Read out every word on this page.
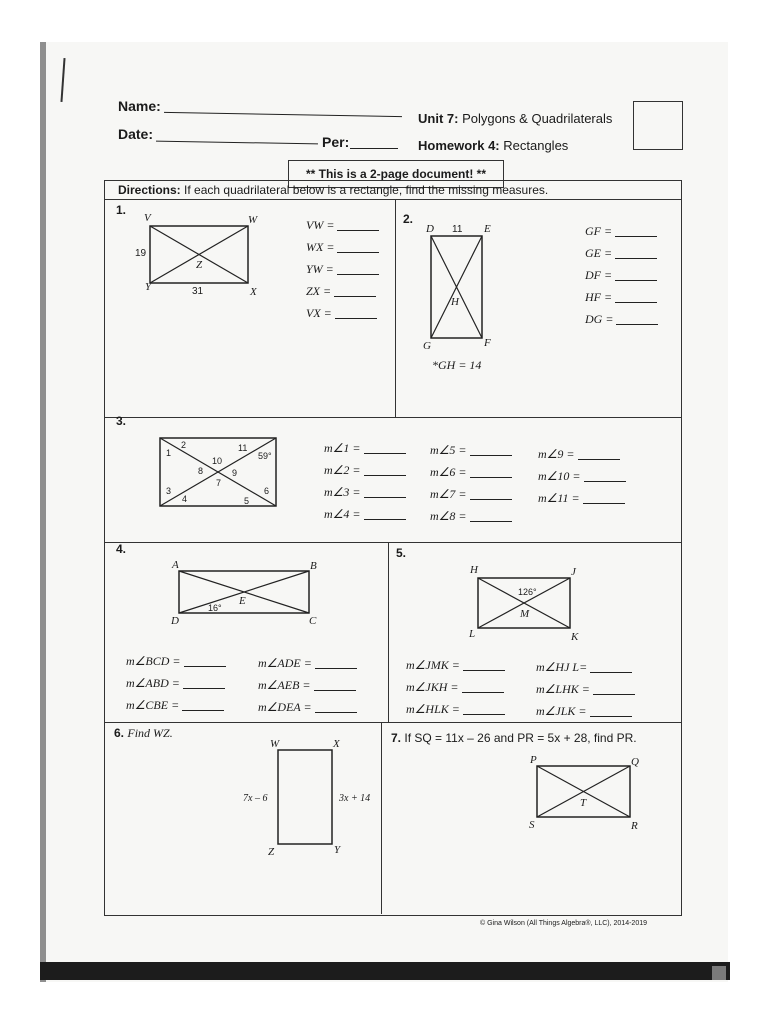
Name:
Date:	Per:
Unit 7: Polygons & Quadrilaterals
Homework 4: Rectangles
** This is a 2-page document! **
Directions: If each quadrilateral below is a rectangle, find the missing measures.
1.
V	W
X
Y
Z
19
31
VW =
WX =
YW =
ZX =
VX =
2.
D	E
F
G
H
11
*GH = 14
GF =
GE =
DF =
HF =
DG =
3.
1
2
3
4	5
6
7
8	9
10
11
59°
m∠1 =
m∠2 =
m∠3 =
m∠4 =
m∠5 =
m∠6 =
m∠7 =
m∠8 =
m∠9 =
m∠10 =
m∠11 =
4.
A	B
C
D
E
16°
m∠BCD =
m∠ABD =
m∠CBE =
m∠ADE =
m∠AEB =
m∠DEA =
5.
H	J
K
L
M
126°
m∠JMK =
m∠JKH =
m∠HLK =
m∠HJ L=
m∠LHK =
m∠JLK =
6. Find WZ.
W	X
Y
Z
7x – 6	3x + 14
7. If SQ = 11x – 26 and PR = 5x + 28, find PR.
P	Q
R
S
T
© Gina Wilson (All Things Algebra®, LLC), 2014-2019
